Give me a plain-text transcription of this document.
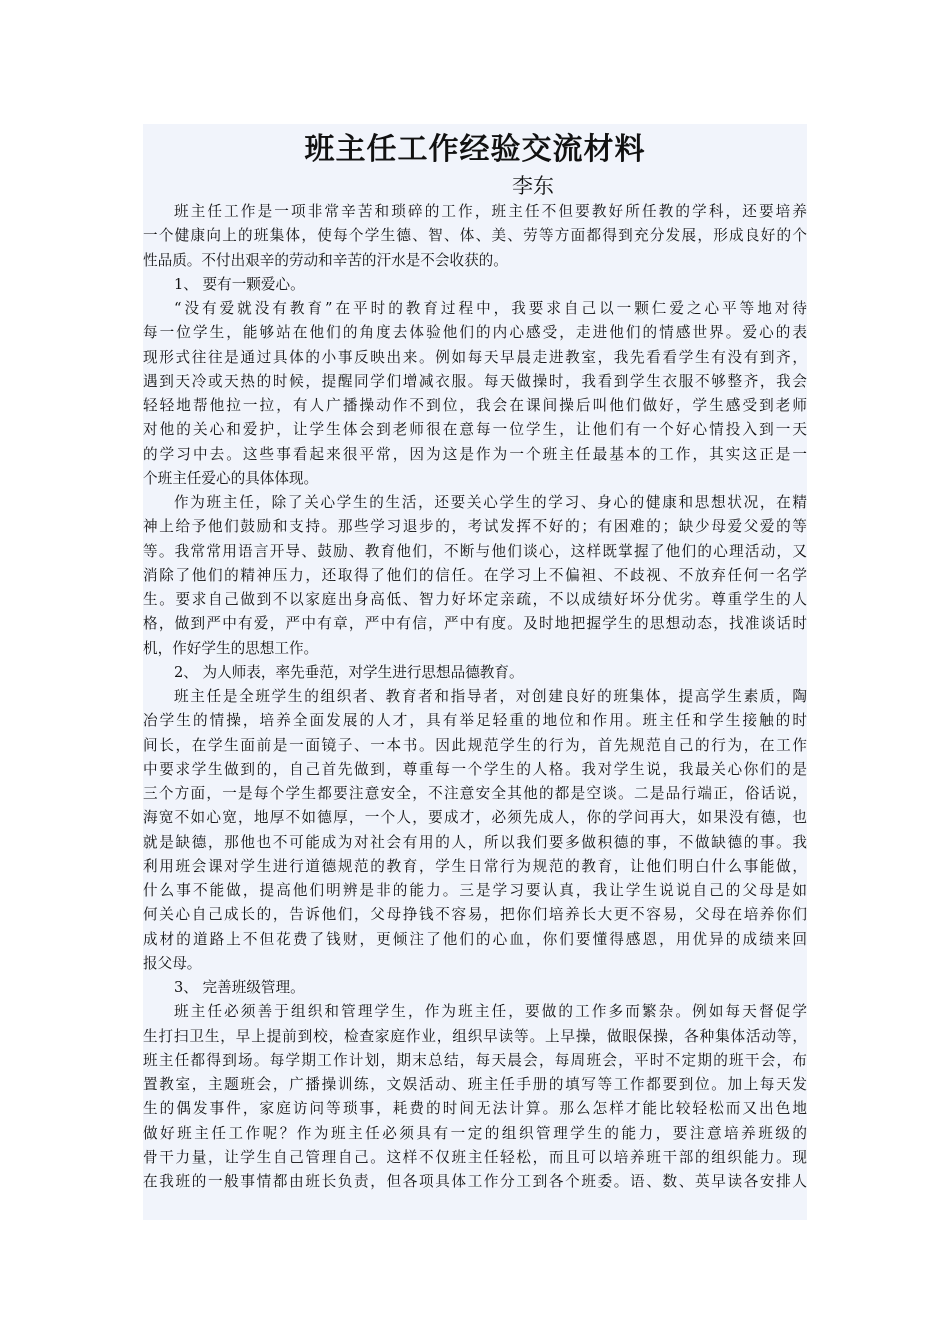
班主任工作经验交流材料

李东

班主任工作是一项非常辛苦和琐碎的工作，班主任不但要教好所任教的学科，还要培养
一个健康向上的班集体，使每个学生德、智、体、美、劳等方面都得到充分发展，形成良好的个
性品质。不付出艰辛的劳动和辛苦的汗水是不会收获的。
1、 要有一颗爱心。
“没有爱就没有教育”在平时的教育过程中，我要求自己以一颗仁爱之心平等地对待
每一位学生，能够站在他们的角度去体验他们的内心感受，走进他们的情感世界。爱心的表
现形式往往是通过具体的小事反映出来。例如每天早晨走进教室，我先看看学生有没有到齐，
遇到天冷或天热的时候，提醒同学们增减衣服。每天做操时，我看到学生衣服不够整齐，我会
轻轻地帮他拉一拉，有人广播操动作不到位，我会在课间操后叫他们做好，学生感受到老师
对他的关心和爱护，让学生体会到老师很在意每一位学生，让他们有一个好心情投入到一天
的学习中去。这些事看起来很平常，因为这是作为一个班主任最基本的工作，其实这正是一
个班主任爱心的具体体现。
作为班主任，除了关心学生的生活，还要关心学生的学习、身心的健康和思想状况，在精
神上给予他们鼓励和支持。那些学习退步的，考试发挥不好的；有困难的；缺少母爱父爱的等
等。我常常用语言开导、鼓励、教育他们，不断与他们谈心，这样既掌握了他们的心理活动，又
消除了他们的精神压力，还取得了他们的信任。在学习上不偏袒、不歧视、不放弃任何一名学
生。要求自己做到不以家庭出身高低、智力好坏定亲疏，不以成绩好坏分优劣。尊重学生的人
格，做到严中有爱，严中有章，严中有信，严中有度。及时地把握学生的思想动态，找准谈话时
机，作好学生的思想工作。
2、 为人师表，率先垂范，对学生进行思想品德教育。
班主任是全班学生的组织者、教育者和指导者，对创建良好的班集体，提高学生素质，陶
冶学生的情操，培养全面发展的人才，具有举足轻重的地位和作用。班主任和学生接触的时
间长，在学生面前是一面镜子、一本书。因此规范学生的行为，首先规范自己的行为，在工作
中要求学生做到的，自己首先做到，尊重每一个学生的人格。我对学生说，我最关心你们的是
三个方面，一是每个学生都要注意安全，不注意安全其他的都是空谈。二是品行端正，俗话说，
海宽不如心宽，地厚不如德厚，一个人，要成才，必须先成人，你的学问再大，如果没有德，也
就是缺德，那他也不可能成为对社会有用的人，所以我们要多做积德的事，不做缺德的事。我
利用班会课对学生进行道德规范的教育，学生日常行为规范的教育，让他们明白什么事能做，
什么事不能做，提高他们明辨是非的能力。三是学习要认真，我让学生说说自己的父母是如
何关心自己成长的，告诉他们，父母挣钱不容易，把你们培养长大更不容易，父母在培养你们
成材的道路上不但花费了钱财，更倾注了他们的心血，你们要懂得感恩，用优异的成绩来回
报父母。
3、 完善班级管理。
班主任必须善于组织和管理学生，作为班主任，要做的工作多而繁杂。例如每天督促学
生打扫卫生，早上提前到校，检查家庭作业，组织早读等。上早操，做眼保操，各种集体活动等，
班主任都得到场。每学期工作计划，期末总结，每天晨会，每周班会，平时不定期的班干会，布
置教室，主题班会，广播操训练，文娱活动、班主任手册的填写等工作都要到位。加上每天发
生的偶发事件，家庭访问等琐事，耗费的时间无法计算。那么怎样才能比较轻松而又出色地
做好班主任工作呢？作为班主任必须具有一定的组织管理学生的能力，要注意培养班级的
骨干力量，让学生自己管理自己。这样不仅班主任轻松，而且可以培养班干部的组织能力。现
在我班的一般事情都由班长负责，但各项具体工作分工到各个班委。语、数、英早读各安排人
